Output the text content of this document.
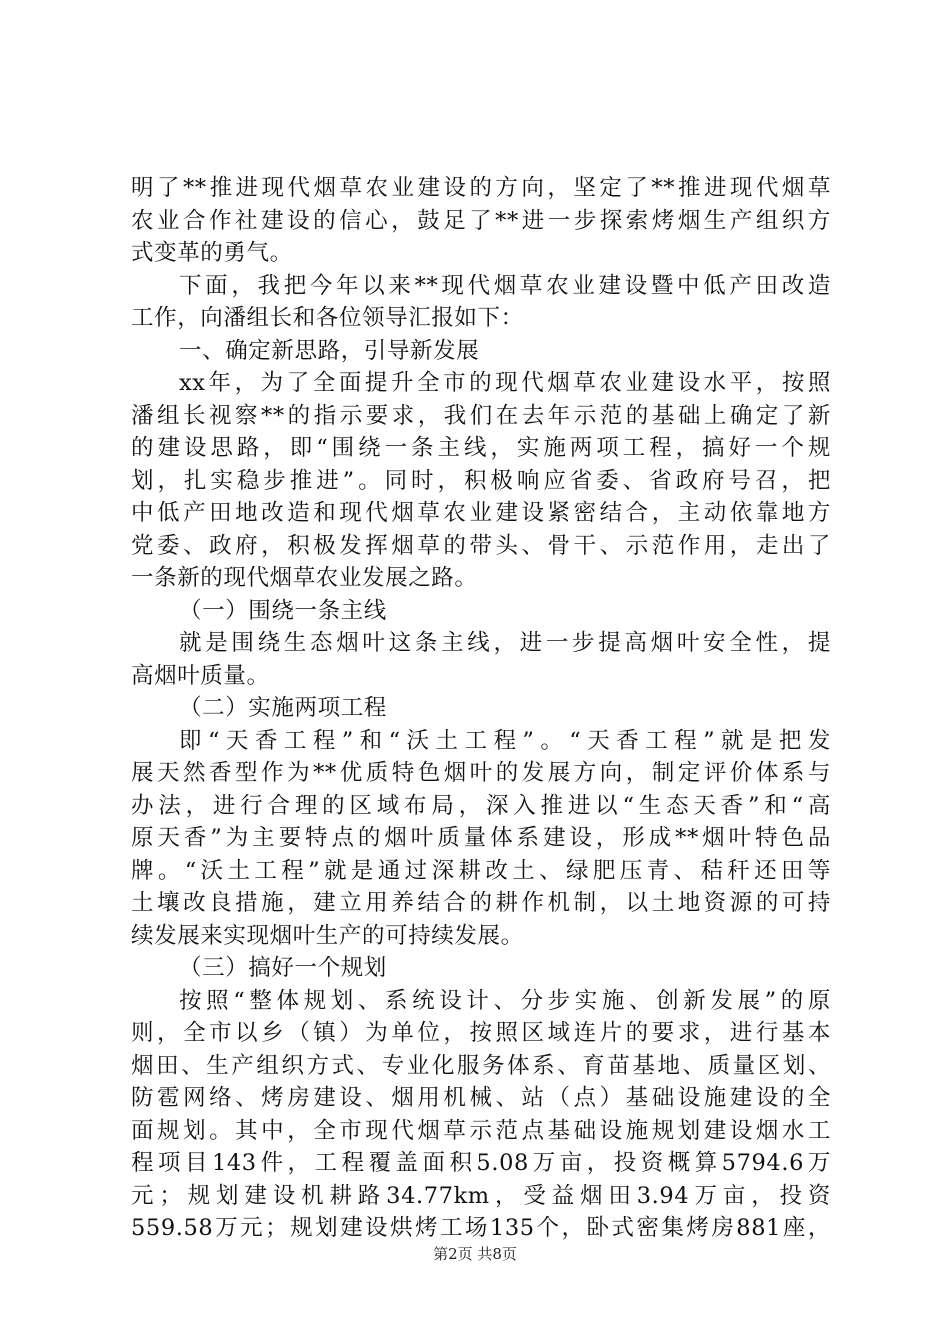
明了**推进现代烟草农业建设的方向，坚定了**推进现代烟草
农业合作社建设的信心，鼓足了**进一步探索烤烟生产组织方
式变革的勇气。
下面，我把今年以来**现代烟草农业建设暨中低产田改造
工作，向潘组长和各位领导汇报如下：
一、确定新思路，引导新发展
xx年，为了全面提升全市的现代烟草农业建设水平，按照
潘组长视察**的指示要求，我们在去年示范的基础上确定了新
的建设思路，即“围绕一条主线，实施两项工程，搞好一个规
划，扎实稳步推进”。同时，积极响应省委、省政府号召，把
中低产田地改造和现代烟草农业建设紧密结合，主动依靠地方
党委、政府，积极发挥烟草的带头、骨干、示范作用，走出了
一条新的现代烟草农业发展之路。
（一）围绕一条主线
就是围绕生态烟叶这条主线，进一步提高烟叶安全性，提
高烟叶质量。
（二）实施两项工程
即“天香工程”和“沃土工程”。“天香工程”就是把发
展天然香型作为**优质特色烟叶的发展方向，制定评价体系与
办法，进行合理的区域布局，深入推进以“生态天香”和“高
原天香”为主要特点的烟叶质量体系建设，形成**烟叶特色品
牌。“沃土工程”就是通过深耕改土、绿肥压青、秸秆还田等
土壤改良措施，建立用养结合的耕作机制，以土地资源的可持
续发展来实现烟叶生产的可持续发展。
（三）搞好一个规划
按照“整体规划、系统设计、分步实施、创新发展”的原
则，全市以乡（镇）为单位，按照区域连片的要求，进行基本
烟田、生产组织方式、专业化服务体系、育苗基地、质量区划、
防雹网络、烤房建设、烟用机械、站（点）基础设施建设的全
面规划。其中，全市现代烟草示范点基础设施规划建设烟水工
程项目143件，工程覆盖面积5.08万亩，投资概算5794.6万
元；规划建设机耕路34.77km，受益烟田3.94万亩，投资
559.58万元；规划建设烘烤工场135个，卧式密集烤房881座，
第2页 共8页
